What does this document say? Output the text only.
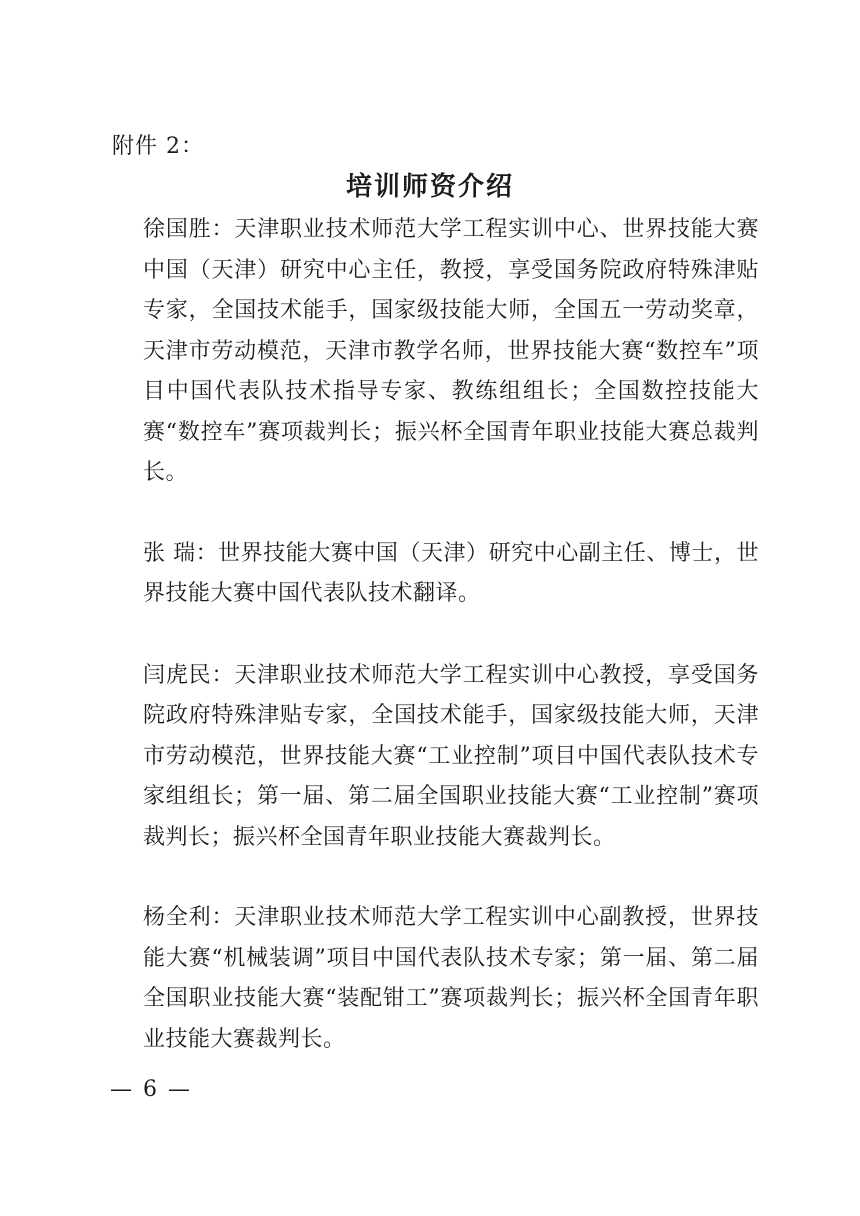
附件 2：
培训师资介绍

徐国胜：天津职业技术师范大学工程实训中心、世界技能大赛中国（天津）研究中心主任，教授，享受国务院政府特殊津贴专家，全国技术能手，国家级技能大师，全国五一劳动奖章，天津市劳动模范，天津市教学名师，世界技能大赛“数控车”项目中国代表队技术指导专家、教练组组长；全国数控技能大赛“数控车”赛项裁判长；振兴杯全国青年职业技能大赛总裁判长。

张 瑞：世界技能大赛中国（天津）研究中心副主任、博士，世界技能大赛中国代表队技术翻译。

闫虎民：天津职业技术师范大学工程实训中心教授，享受国务院政府特殊津贴专家，全国技术能手，国家级技能大师，天津市劳动模范，世界技能大赛“工业控制”项目中国代表队技术专家组组长；第一届、第二届全国职业技能大赛“工业控制”赛项裁判长；振兴杯全国青年职业技能大赛裁判长。

杨全利：天津职业技术师范大学工程实训中心副教授，世界技能大赛“机械装调”项目中国代表队技术专家；第一届、第二届全国职业技能大赛“装配钳工”赛项裁判长；振兴杯全国青年职业技能大赛裁判长。

— 6 —
